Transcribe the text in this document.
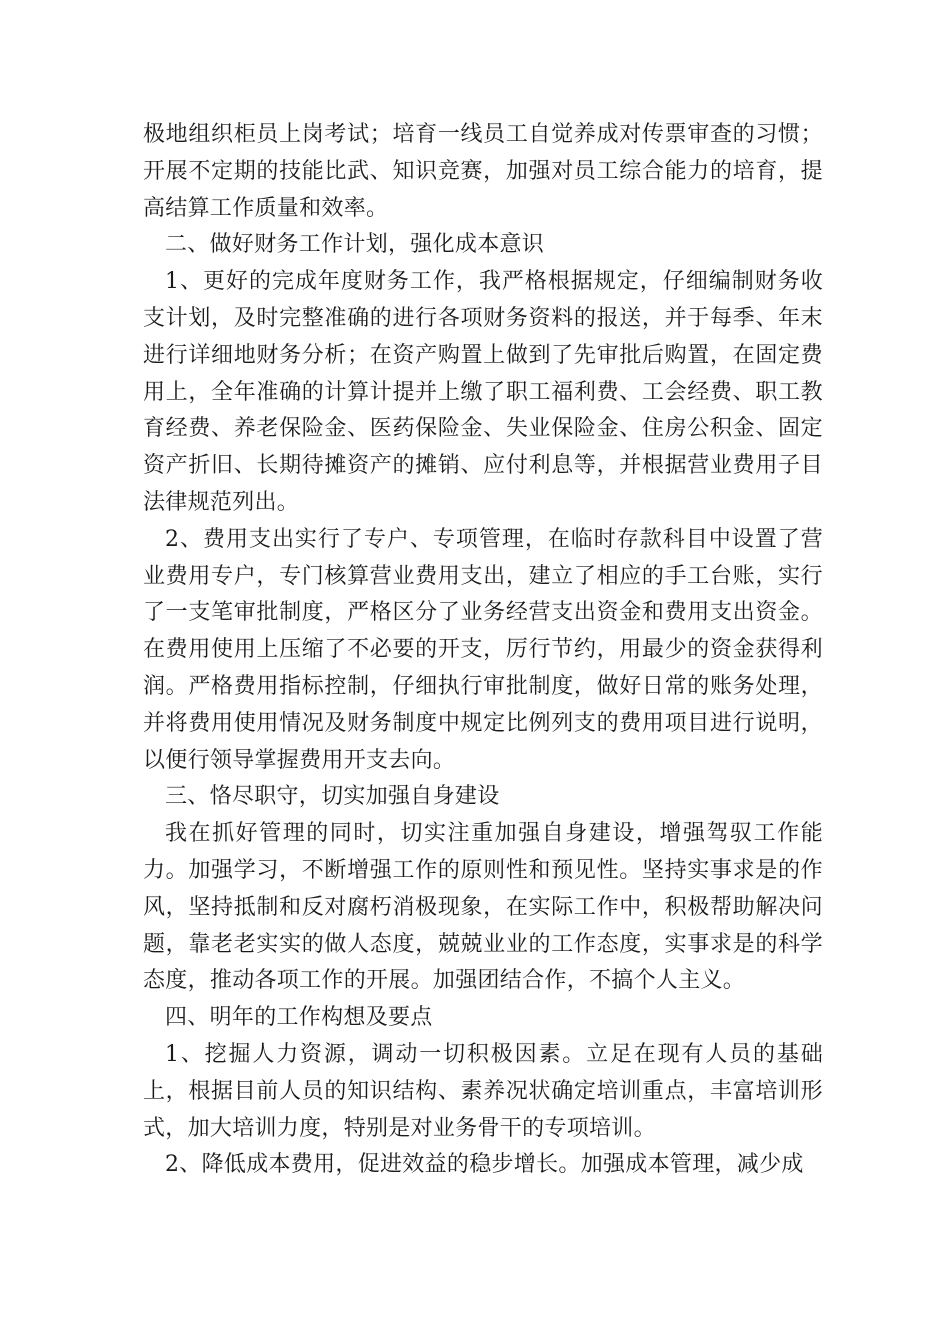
极地组织柜员上岗考试；培育一线员工自觉养成对传票审查的习惯；开展不定期的技能比武、知识竞赛，加强对员工综合能力的培育，提高结算工作质量和效率。

二、做好财务工作计划，强化成本意识

1、更好的完成年度财务工作，我严格根据规定，仔细编制财务收支计划，及时完整准确的进行各项财务资料的报送，并于每季、年末进行详细地财务分析；在资产购置上做到了先审批后购置，在固定费用上，全年准确的计算计提并上缴了职工福利费、工会经费、职工教育经费、养老保险金、医药保险金、失业保险金、住房公积金、固定资产折旧、长期待摊资产的摊销、应付利息等，并根据营业费用子目法律规范列出。

2、费用支出实行了专户、专项管理，在临时存款科目中设置了营业费用专户，专门核算营业费用支出，建立了相应的手工台账，实行了一支笔审批制度，严格区分了业务经营支出资金和费用支出资金。在费用使用上压缩了不必要的开支，厉行节约，用最少的资金获得利润。严格费用指标控制，仔细执行审批制度，做好日常的账务处理，并将费用使用情况及财务制度中规定比例列支的费用项目进行说明，以便行领导掌握费用开支去向。

三、恪尽职守，切实加强自身建设

我在抓好管理的同时，切实注重加强自身建设，增强驾驭工作能力。加强学习，不断增强工作的原则性和预见性。坚持实事求是的作风，坚持抵制和反对腐朽消极现象，在实际工作中，积极帮助解决问题，靠老老实实的做人态度，兢兢业业的工作态度，实事求是的科学态度，推动各项工作的开展。加强团结合作，不搞个人主义。

四、明年的工作构想及要点

1、挖掘人力资源，调动一切积极因素。立足在现有人员的基础上，根据目前人员的知识结构、素养况状确定培训重点，丰富培训形式，加大培训力度，特别是对业务骨干的专项培训。

2、降低成本费用，促进效益的稳步增长。加强成本管理，减少成
